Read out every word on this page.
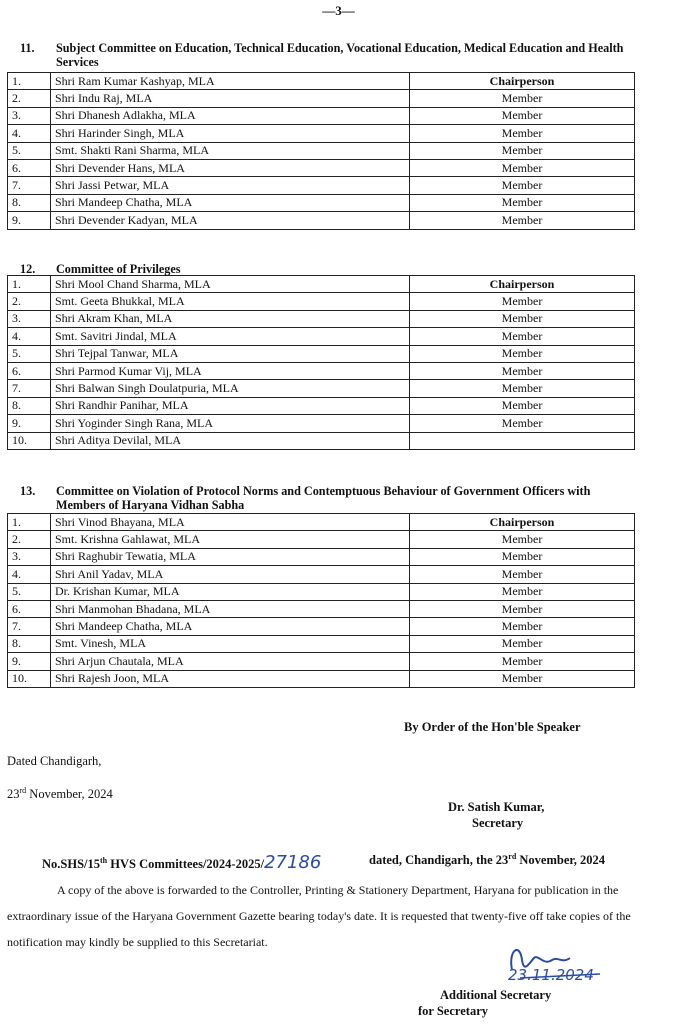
—3—
11. Subject Committee on Education, Technical Education, Vocational Education, Medical Education and Health Services
1.	Shri Ram Kumar Kashyap, MLA	Chairperson
2.	Shri Indu Raj, MLA	Member
3.	Shri Dhanesh Adlakha, MLA	Member
4.	Shri Harinder Singh, MLA	Member
5.	Smt. Shakti Rani Sharma, MLA	Member
6.	Shri Devender Hans, MLA	Member
7.	Shri Jassi Petwar, MLA	Member
8.	Shri Mandeep Chatha, MLA	Member
9.	Shri Devender Kadyan, MLA	Member
12. Committee of Privileges
1.	Shri Mool Chand Sharma, MLA	Chairperson
2.	Smt. Geeta Bhukkal, MLA	Member
3.	Shri Akram Khan, MLA	Member
4.	Smt. Savitri Jindal, MLA	Member
5.	Shri Tejpal Tanwar, MLA	Member
6.	Shri Parmod Kumar Vij, MLA	Member
7.	Shri Balwan Singh Doulatpuria, MLA	Member
8.	Shri Randhir Panihar, MLA	Member
9.	Shri Yoginder Singh Rana, MLA	Member
10.	Shri Aditya Devilal, MLA	
13. Committee on Violation of Protocol Norms and Contemptuous Behaviour of Government Officers with Members of Haryana Vidhan Sabha
1.	Shri Vinod Bhayana, MLA	Chairperson
2.	Smt. Krishna Gahlawat, MLA	Member
3.	Shri Raghubir Tewatia, MLA	Member
4.	Shri Anil Yadav, MLA	Member
5.	Dr. Krishan Kumar, MLA	Member
6.	Shri Manmohan Bhadana, MLA	Member
7.	Shri Mandeep Chatha, MLA	Member
8.	Smt. Vinesh, MLA	Member
9.	Shri Arjun Chautala, MLA	Member
10.	Shri Rajesh Joon, MLA	Member
By Order of the Hon'ble Speaker
Dated Chandigarh,
23rd November, 2024
Dr. Satish Kumar,
Secretary
No.SHS/15th HVS Committees/2024-2025/27186	dated, Chandigarh, the 23rd November, 2024
A copy of the above is forwarded to the Controller, Printing & Stationery Department, Haryana for publication in the extraordinary issue of the Haryana Government Gazette bearing today's date. It is requested that twenty-five off take copies of the notification may kindly be supplied to this Secretariat.
23.11.2024
Additional Secretary
for Secretary
